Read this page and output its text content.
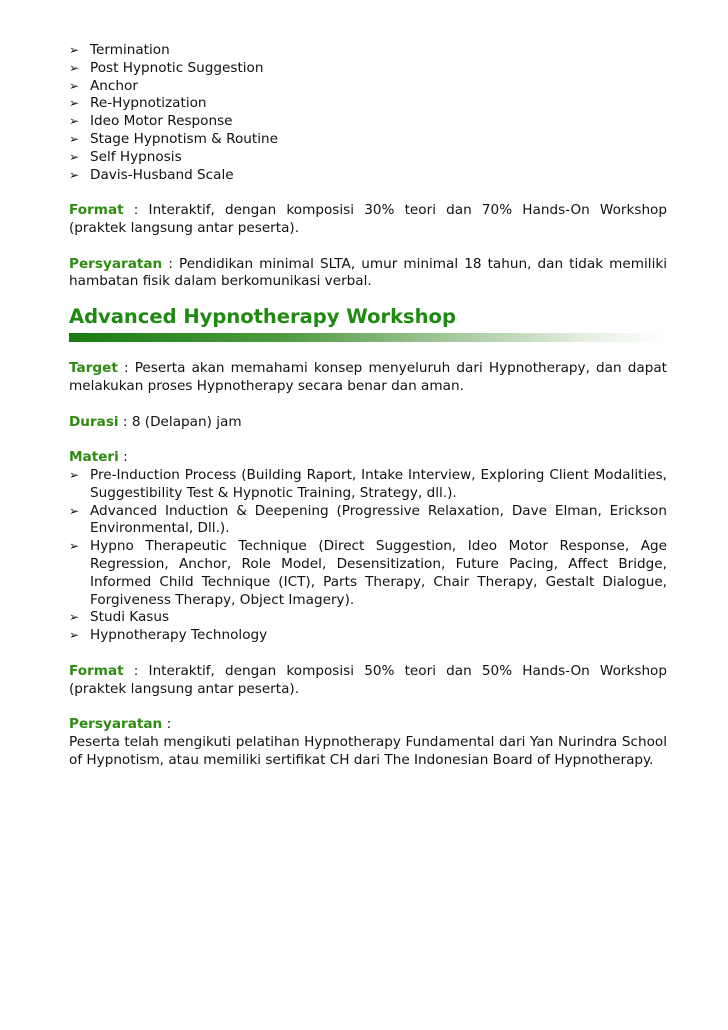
➢ Termination
➢ Post Hypnotic Suggestion
➢ Anchor
➢ Re-Hypnotization
➢ Ideo Motor Response
➢ Stage Hypnotism & Routine
➢ Self Hypnosis
➢ Davis-Husband Scale

Format : Interaktif, dengan komposisi 30% teori dan 70% Hands-On Workshop (praktek langsung antar peserta).

Persyaratan : Pendidikan minimal SLTA, umur minimal 18 tahun, dan tidak memiliki hambatan fisik dalam berkomunikasi verbal.

Advanced Hypnotherapy Workshop

Target : Peserta akan memahami konsep menyeluruh dari Hypnotherapy, dan dapat melakukan proses Hypnotherapy secara benar dan aman.

Durasi : 8 (Delapan) jam

Materi :

➢ Pre-Induction Process (Building Raport, Intake Interview, Exploring Client Modalities, Suggestibility Test & Hypnotic Training, Strategy, dll.).
➢ Advanced Induction & Deepening (Progressive Relaxation, Dave Elman, Erickson Environmental, Dll.).
➢ Hypno Therapeutic Technique (Direct Suggestion, Ideo Motor Response, Age Regression, Anchor, Role Model, Desensitization, Future Pacing, Affect Bridge, Informed Child Technique (ICT), Parts Therapy, Chair Therapy, Gestalt Dialogue, Forgiveness Therapy, Object Imagery).
➢ Studi Kasus
➢ Hypnotherapy Technology

Format : Interaktif, dengan komposisi 50% teori dan 50% Hands-On Workshop (praktek langsung antar peserta).

Persyaratan :

Peserta telah mengikuti pelatihan Hypnotherapy Fundamental dari Yan Nurindra School of Hypnotism, atau memiliki sertifikat CH dari The Indonesian Board of Hypnotherapy.
